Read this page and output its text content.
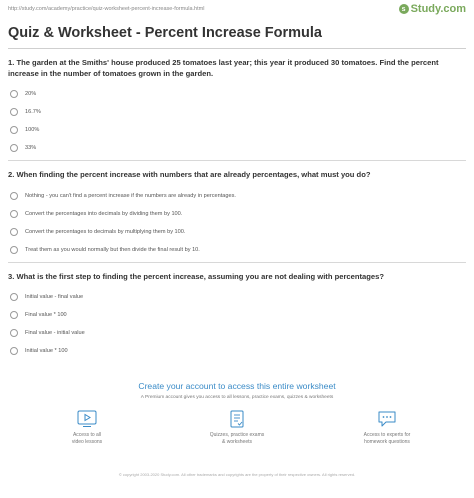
http://study.com/academy/practice/quiz-worksheet-percent-increase-formula.html	s Study.com
Quiz & Worksheet - Percent Increase Formula

1. The garden at the Smiths' house produced 25 tomatoes last year; this year it produced 30 tomatoes. Find the percent increase in the number of tomatoes grown in the garden.

20%
16.7%
100%
33%

2. When finding the percent increase with numbers that are already percentages, what must you do?

Nothing - you can't find a percent increase if the numbers are already in percentages.
Convert the percentages into decimals by dividing them by 100.
Convert the percentages to decimals by multiplying them by 100.
Treat them as you would normally but then divide the final result by 10.

3. What is the first step to finding the percent increase, assuming you are not dealing with percentages?

Initial value - final value
Final value * 100
Final value - initial value
Initial value * 100
Create your account to access this entire worksheet
A Premium account gives you access to all lessons, practice exams, quizzes & worksheets
Access to all
video lessons
Quizzes, practice exams
& worksheets
Access to experts for
homework questions
© copyright 2003-2020 Study.com. All other trademarks and copyrights are the property of their respective owners. All rights reserved.
